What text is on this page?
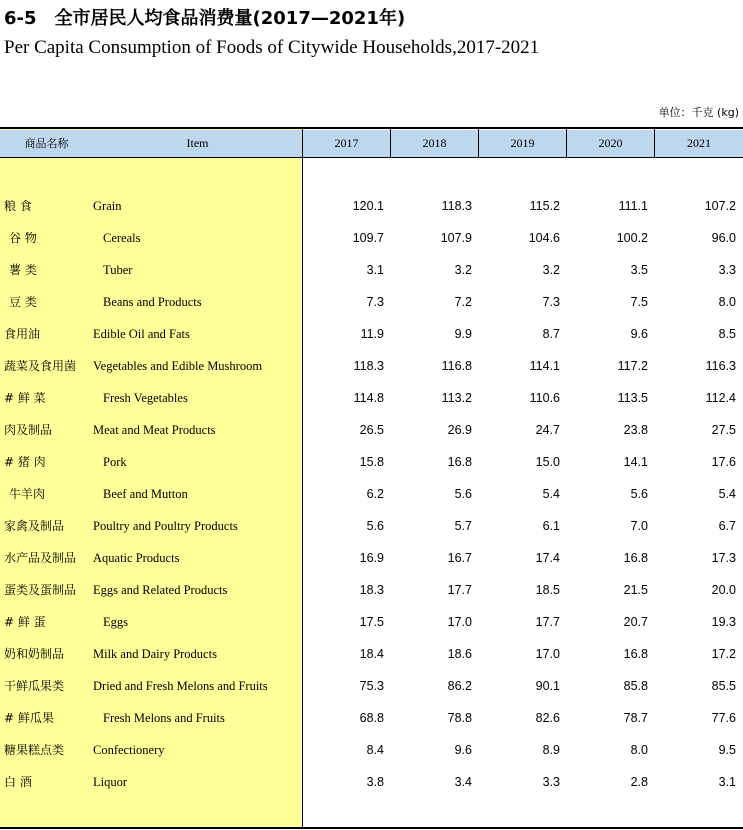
6-5　全市居民人均食品消费量(2017—2021年)
Per Capita Consumption of Foods of Citywide Households,2017-2021
单位：千克 (kg)
商品名称	Item	2017	2018	2019	2020	2021
粮 食	Grain	120.1	118.3	115.2	111.1	107.2
谷 物	Cereals	109.7	107.9	104.6	100.2	96.0
薯 类	Tuber	3.1	3.2	3.2	3.5	3.3
豆 类	Beans and Products	7.3	7.2	7.3	7.5	8.0
食用油	Edible Oil and Fats	11.9	9.9	8.7	9.6	8.5
蔬菜及食用菌 Vegetables and Edible Mushroom	118.3	116.8	114.1	117.2	116.3
# 鲜 菜	Fresh Vegetables	114.8	113.2	110.6	113.5	112.4
肉及制品	Meat and Meat Products	26.5	26.9	24.7	23.8	27.5
# 猪 肉	Pork	15.8	16.8	15.0	14.1	17.6
牛羊肉	Beef and Mutton	6.2	5.6	5.4	5.6	5.4
家禽及制品 Poultry and Poultry Products	5.6	5.7	6.1	7.0	6.7
水产品及制品 Aquatic Products	16.9	16.7	17.4	16.8	17.3
蛋类及蛋制品 Eggs and Related Products	18.3	17.7	18.5	21.5	20.0
# 鲜 蛋	Eggs	17.5	17.0	17.7	20.7	19.3
奶和奶制品 Milk and Dairy Products	18.4	18.6	17.0	16.8	17.2
干鲜瓜果类 Dried and Fresh Melons and Fruits	75.3	86.2	90.1	85.8	85.5
# 鲜瓜果	Fresh Melons and Fruits	68.8	78.8	82.6	78.7	77.6
糖果糕点类 Confectionery	8.4	9.6	8.9	8.0	9.5
白 酒	Liquor	3.8	3.4	3.3	2.8	3.1
